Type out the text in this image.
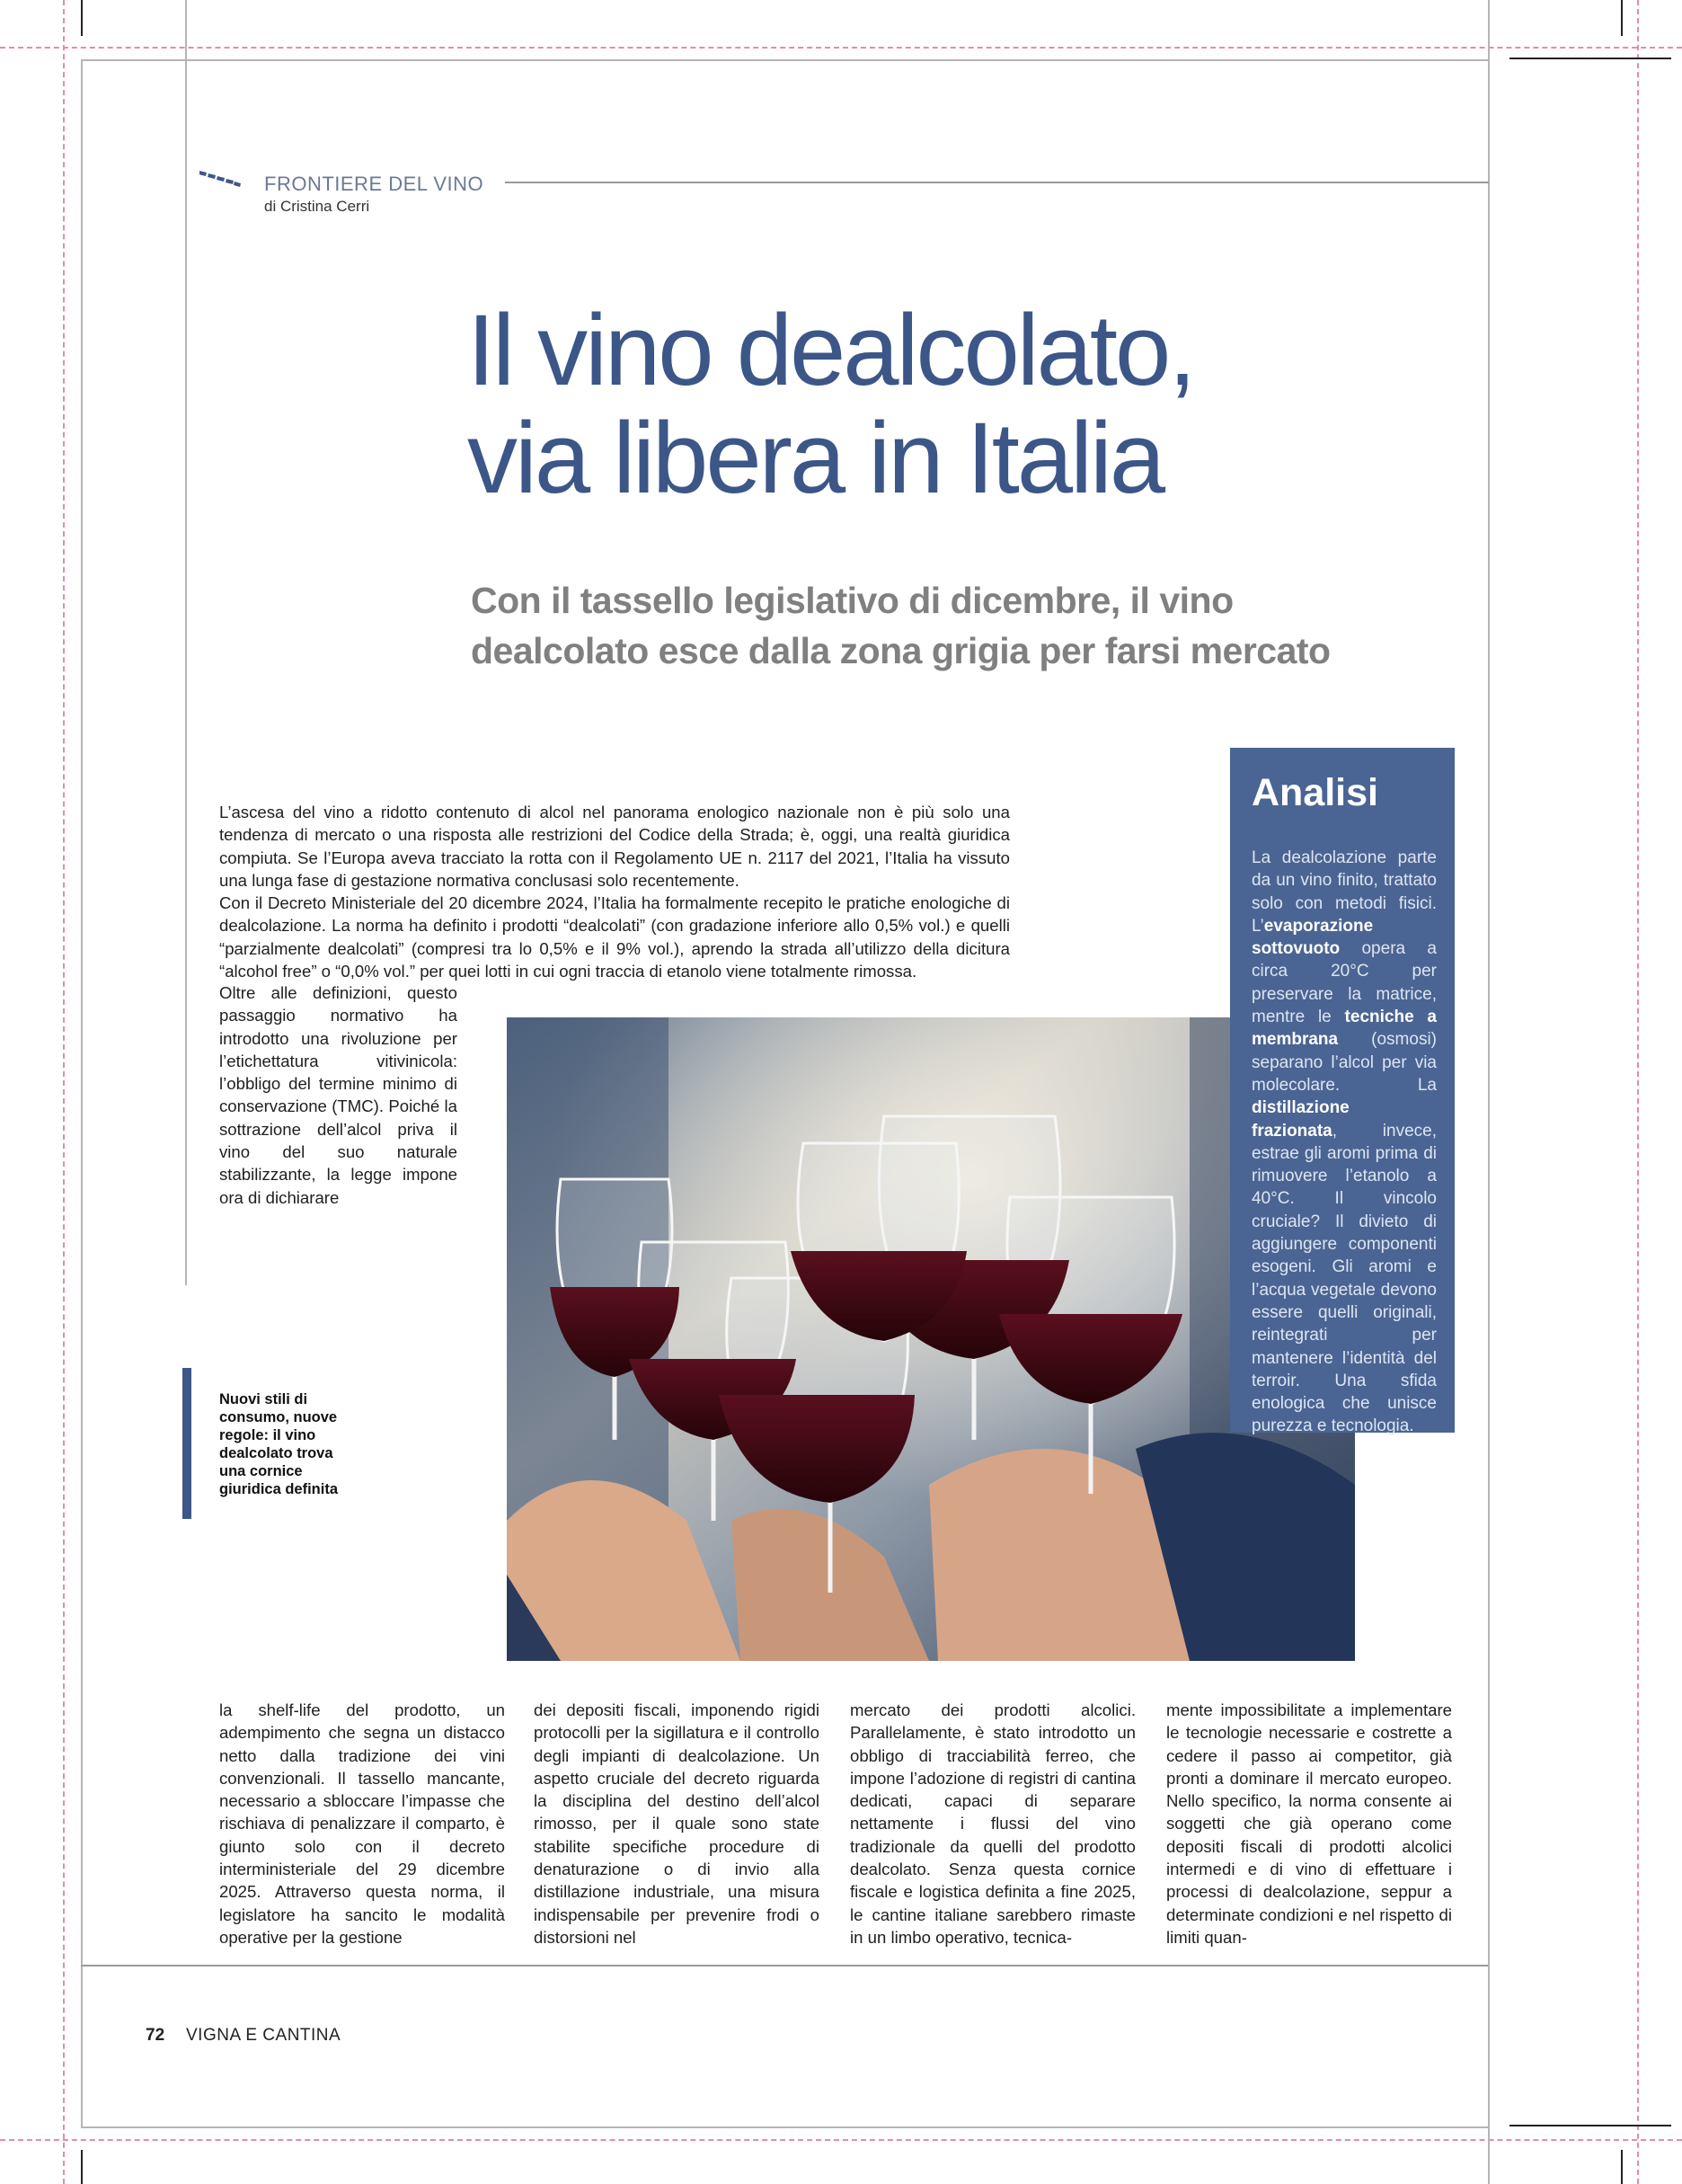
FRONTIERE DEL VINO
di Cristina Cerri
Il vino dealcolato,
via libera in Italia
Con il tassello legislativo di dicembre, il vino
dealcolato esce dalla zona grigia per farsi mercato

L’ascesa del vino a ridotto contenuto di alcol nel panorama enologico nazionale non è più solo una tendenza di mercato o una risposta alle restrizioni del Codice della Strada; è, oggi, una realtà giuridica compiuta. Se l’Europa aveva tracciato la rotta con il Regolamento UE n. 2117 del 2021, l’Italia ha vissuto una lunga fase di gestazione normativa conclusasi solo recentemente.

Con il Decreto Ministeriale del 20 dicembre 2024, l’Italia ha formalmente recepito le pratiche enologiche di dealcolazione. La norma ha definito i prodotti “dealcolati” (con gradazione inferiore allo 0,5% vol.) e quelli “parzialmente dealcolati” (compresi tra lo 0,5% e il 9% vol.), aprendo la strada all’utilizzo della dicitura “alcohol free” o “0,0% vol.” per quei lotti in cui ogni traccia di etanolo viene totalmente rimossa.

Oltre alle definizioni, questo passaggio normativo ha introdotto una rivoluzione per l’etichettatura vitivinicola: l’obbligo del termine minimo di conservazione (TMC). Poiché la sottrazione dell’alcol priva il vino del suo naturale stabilizzante, la legge impone ora di dichiarare

Nuovi stili di consumo, nuove regole: il vino dealcolato trova una cornice giuridica definita

Analisi

La dealcolazione parte da un vino finito, trattato solo con metodi fisici. L’evaporazione sottovuoto opera a circa 20°C per preservare la matrice, mentre le tecniche a membrana (osmosi) separano l’alcol per via molecolare. La distillazione frazionata, invece, estrae gli aromi prima di rimuovere l’etanolo a 40°C. Il vincolo cruciale? Il divieto di aggiungere componenti esogeni. Gli aromi e l’acqua vegetale devono essere quelli originali, reintegrati per mantenere l’identità del terroir. Una sfida enologica che unisce purezza e tecnologia.

la shelf-life del prodotto, un adempimento che segna un distacco netto dalla tradizione dei vini convenzionali. Il tassello mancante, necessario a sbloccare l’impasse che rischiava di penalizzare il comparto, è giunto solo con il decreto interministeriale del 29 dicembre 2025. Attraverso questa norma, il legislatore ha sancito le modalità operative per la gestione

dei depositi fiscali, imponendo rigidi protocolli per la sigillatura e il controllo degli impianti di dealcolazione. Un aspetto cruciale del decreto riguarda la disciplina del destino dell’alcol rimosso, per il quale sono state stabilite specifiche procedure di denaturazione o di invio alla distillazione industriale, una misura indispensabile per prevenire frodi o distorsioni nel

mercato dei prodotti alcolici. Parallelamente, è stato introdotto un obbligo di tracciabilità ferreo, che impone l’adozione di registri di cantina dedicati, capaci di separare nettamente i flussi del vino tradizionale da quelli del prodotto dealcolato. Senza questa cornice fiscale e logistica definita a fine 2025, le cantine italiane sarebbero rimaste in un limbo operativo, tecnica-

mente impossibilitate a implementare le tecnologie necessarie e costrette a cedere il passo ai competitor, già pronti a dominare il mercato europeo. Nello specifico, la norma consente ai soggetti che già operano come depositi fiscali di prodotti alcolici intermedi e di vino di effettuare i processi di dealcolazione, seppur a determinate condizioni e nel rispetto di limiti quan-

72 VIGNA E CANTINA
